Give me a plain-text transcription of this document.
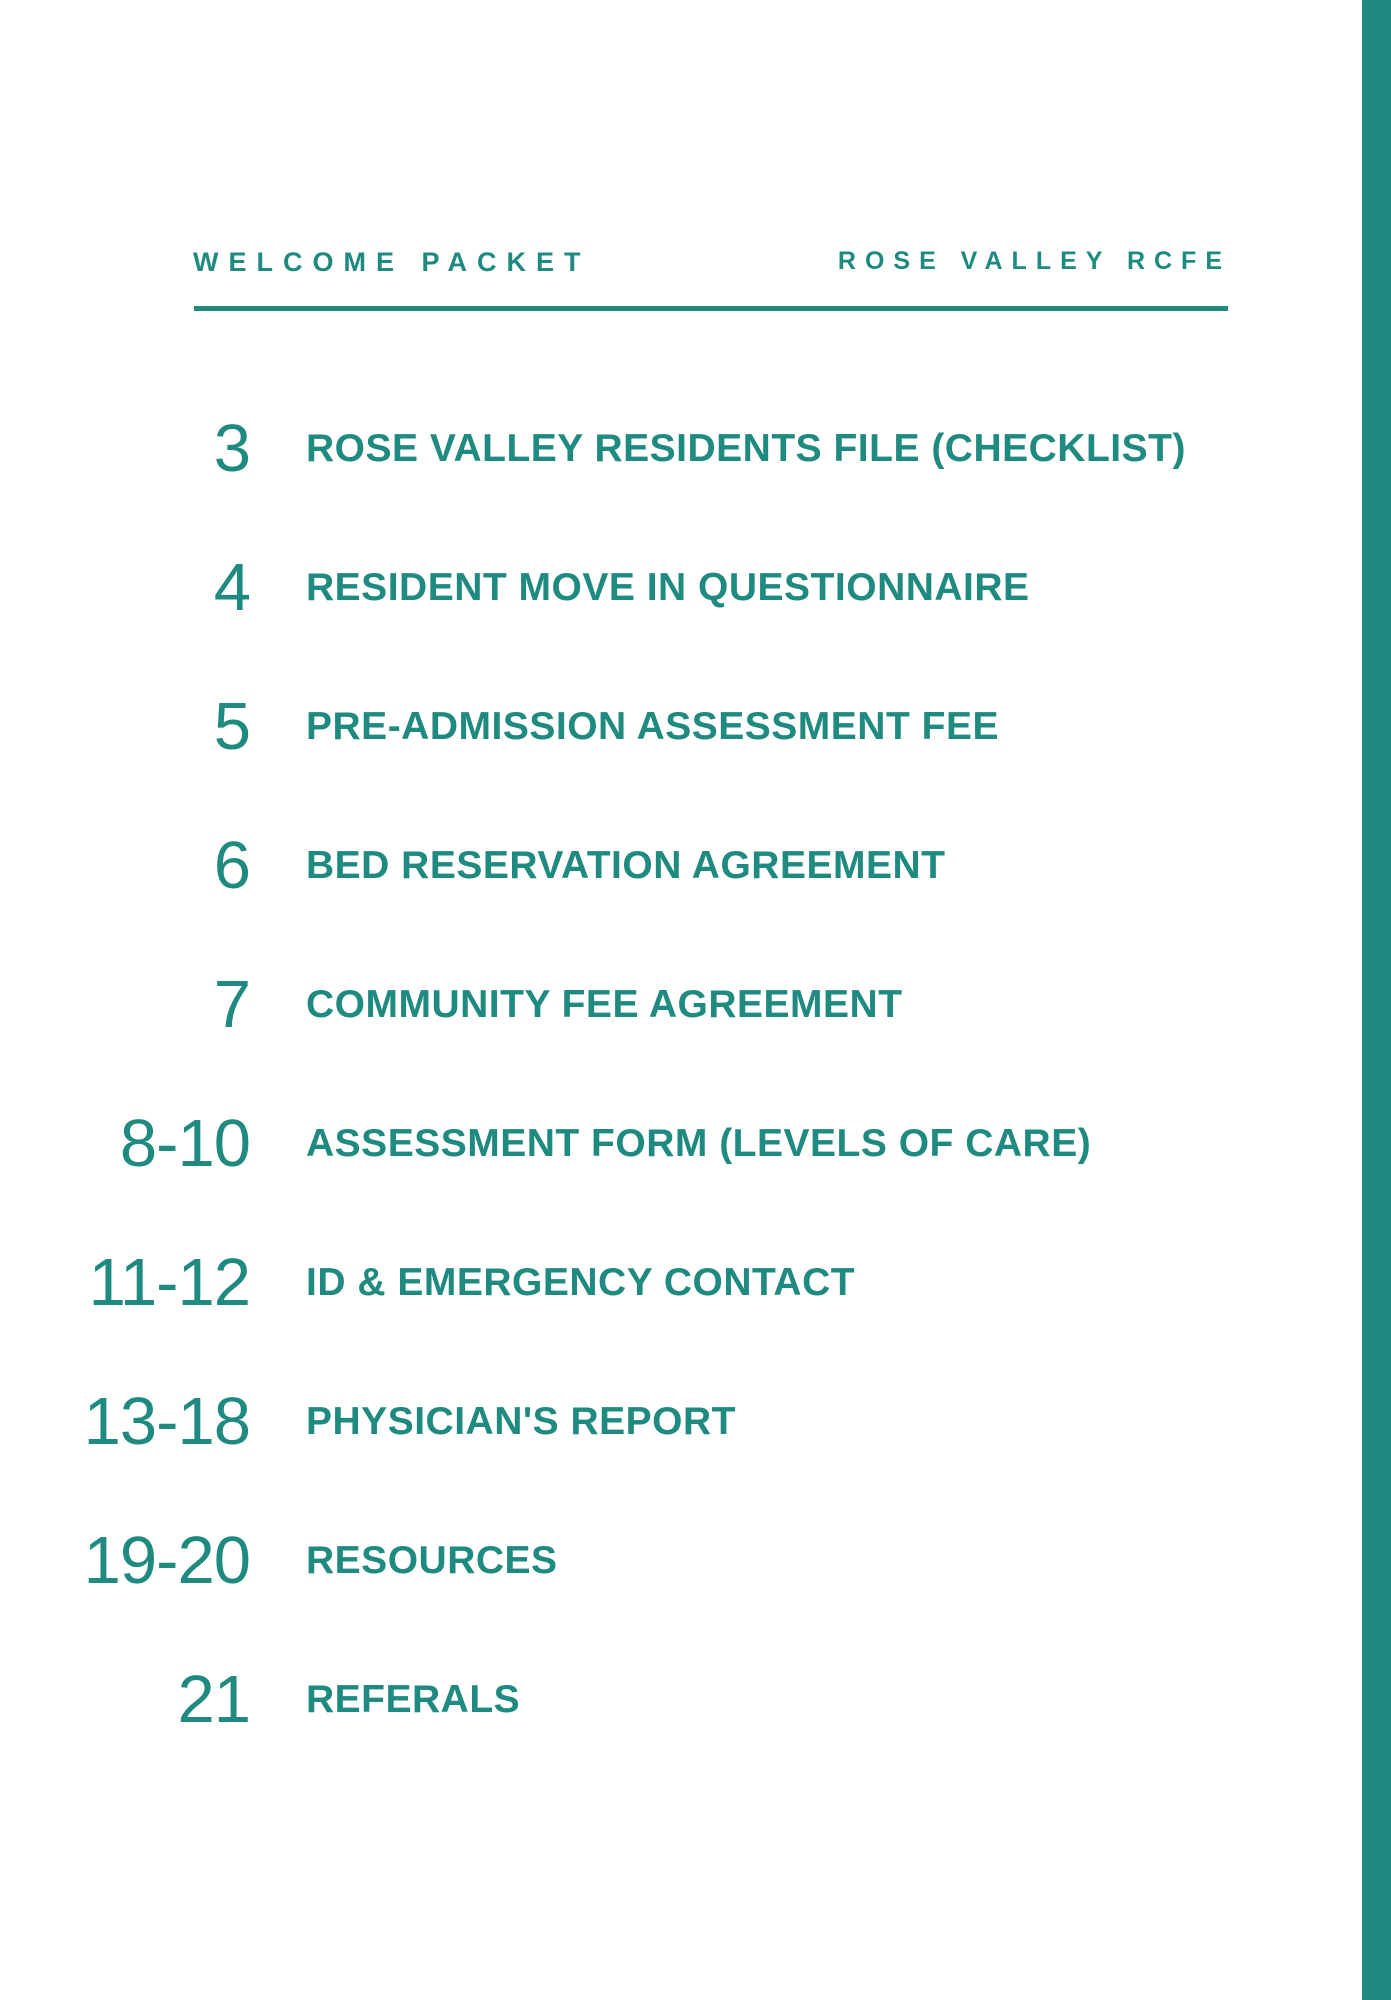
WELCOME PACKET	ROSE VALLEY RCFE
3 ROSE VALLEY RESIDENTS FILE (CHECKLIST)
4 RESIDENT MOVE IN QUESTIONNAIRE
5 PRE-ADMISSION ASSESSMENT FEE
6 BED RESERVATION AGREEMENT
7 COMMUNITY FEE AGREEMENT
8-10 ASSESSMENT FORM (LEVELS OF CARE)
11-12 ID & EMERGENCY CONTACT
13-18 PHYSICIAN'S REPORT
19-20 RESOURCES
21 REFERALS
